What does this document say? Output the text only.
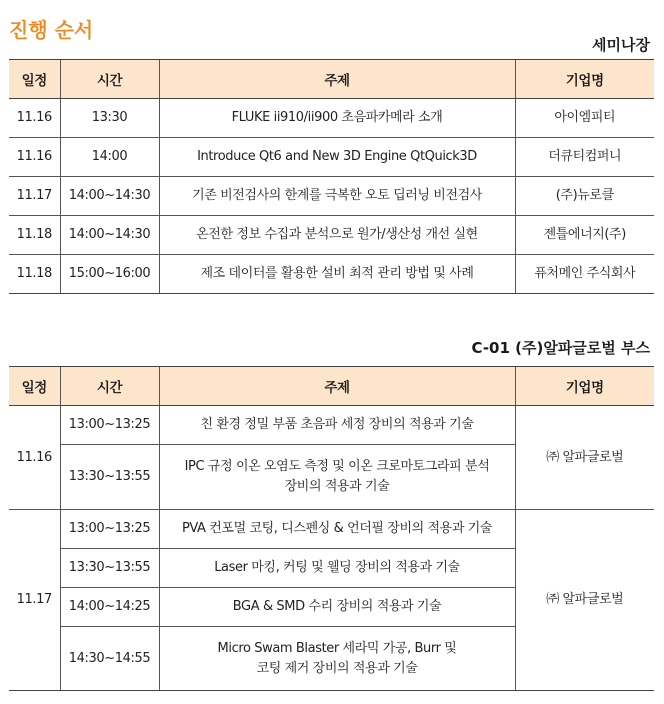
진행 순서
세미나장
일정	시간	주제	기업명
11.16	13:30	FLUKE ii910/ii900 초음파카메라 소개	아이엠피티
11.16	14:00	Introduce Qt6 and New 3D Engine QtQuick3D	더큐티컴퍼니
11.17	14:00~14:30	기존 비전검사의 한계를 극복한 오토 딥러닝 비전검사	(주)뉴로클
11.18	14:00~14:30	온전한 정보 수집과 분석으로 원가/생산성 개선 실현	젠틀에너지(주)
11.18	15:00~16:00	제조 데이터를 활용한 설비 최적 관리 방법 및 사례	퓨처메인 주식회사
C-01 (주)알파글로벌 부스
일정	시간	주제	기업명
11.16	13:00~13:25	친 환경 정밀 부품 초음파 세정 장비의 적용과 기술	㈜ 알파글로벌
	13:30~13:55	IPC 규정 이온 오염도 측정 및 이온 크로마토그라피 분석
장비의 적용과 기술	

11.17	13:00~13:25	PVA 컨포멀 코팅, 디스펜싱 & 언더필 장비의 적용과 기술	㈜ 알파글로벌
	13:30~13:55	Laser 마킹, 커팅 및 웰딩 장비의 적용과 기술	
	14:00~14:25	BGA & SMD 수리 장비의 적용과 기술	
	14:30~14:55	Micro Swam Blaster 세라믹 가공, Burr 및
코팅 제거 장비의 적용과 기술	
